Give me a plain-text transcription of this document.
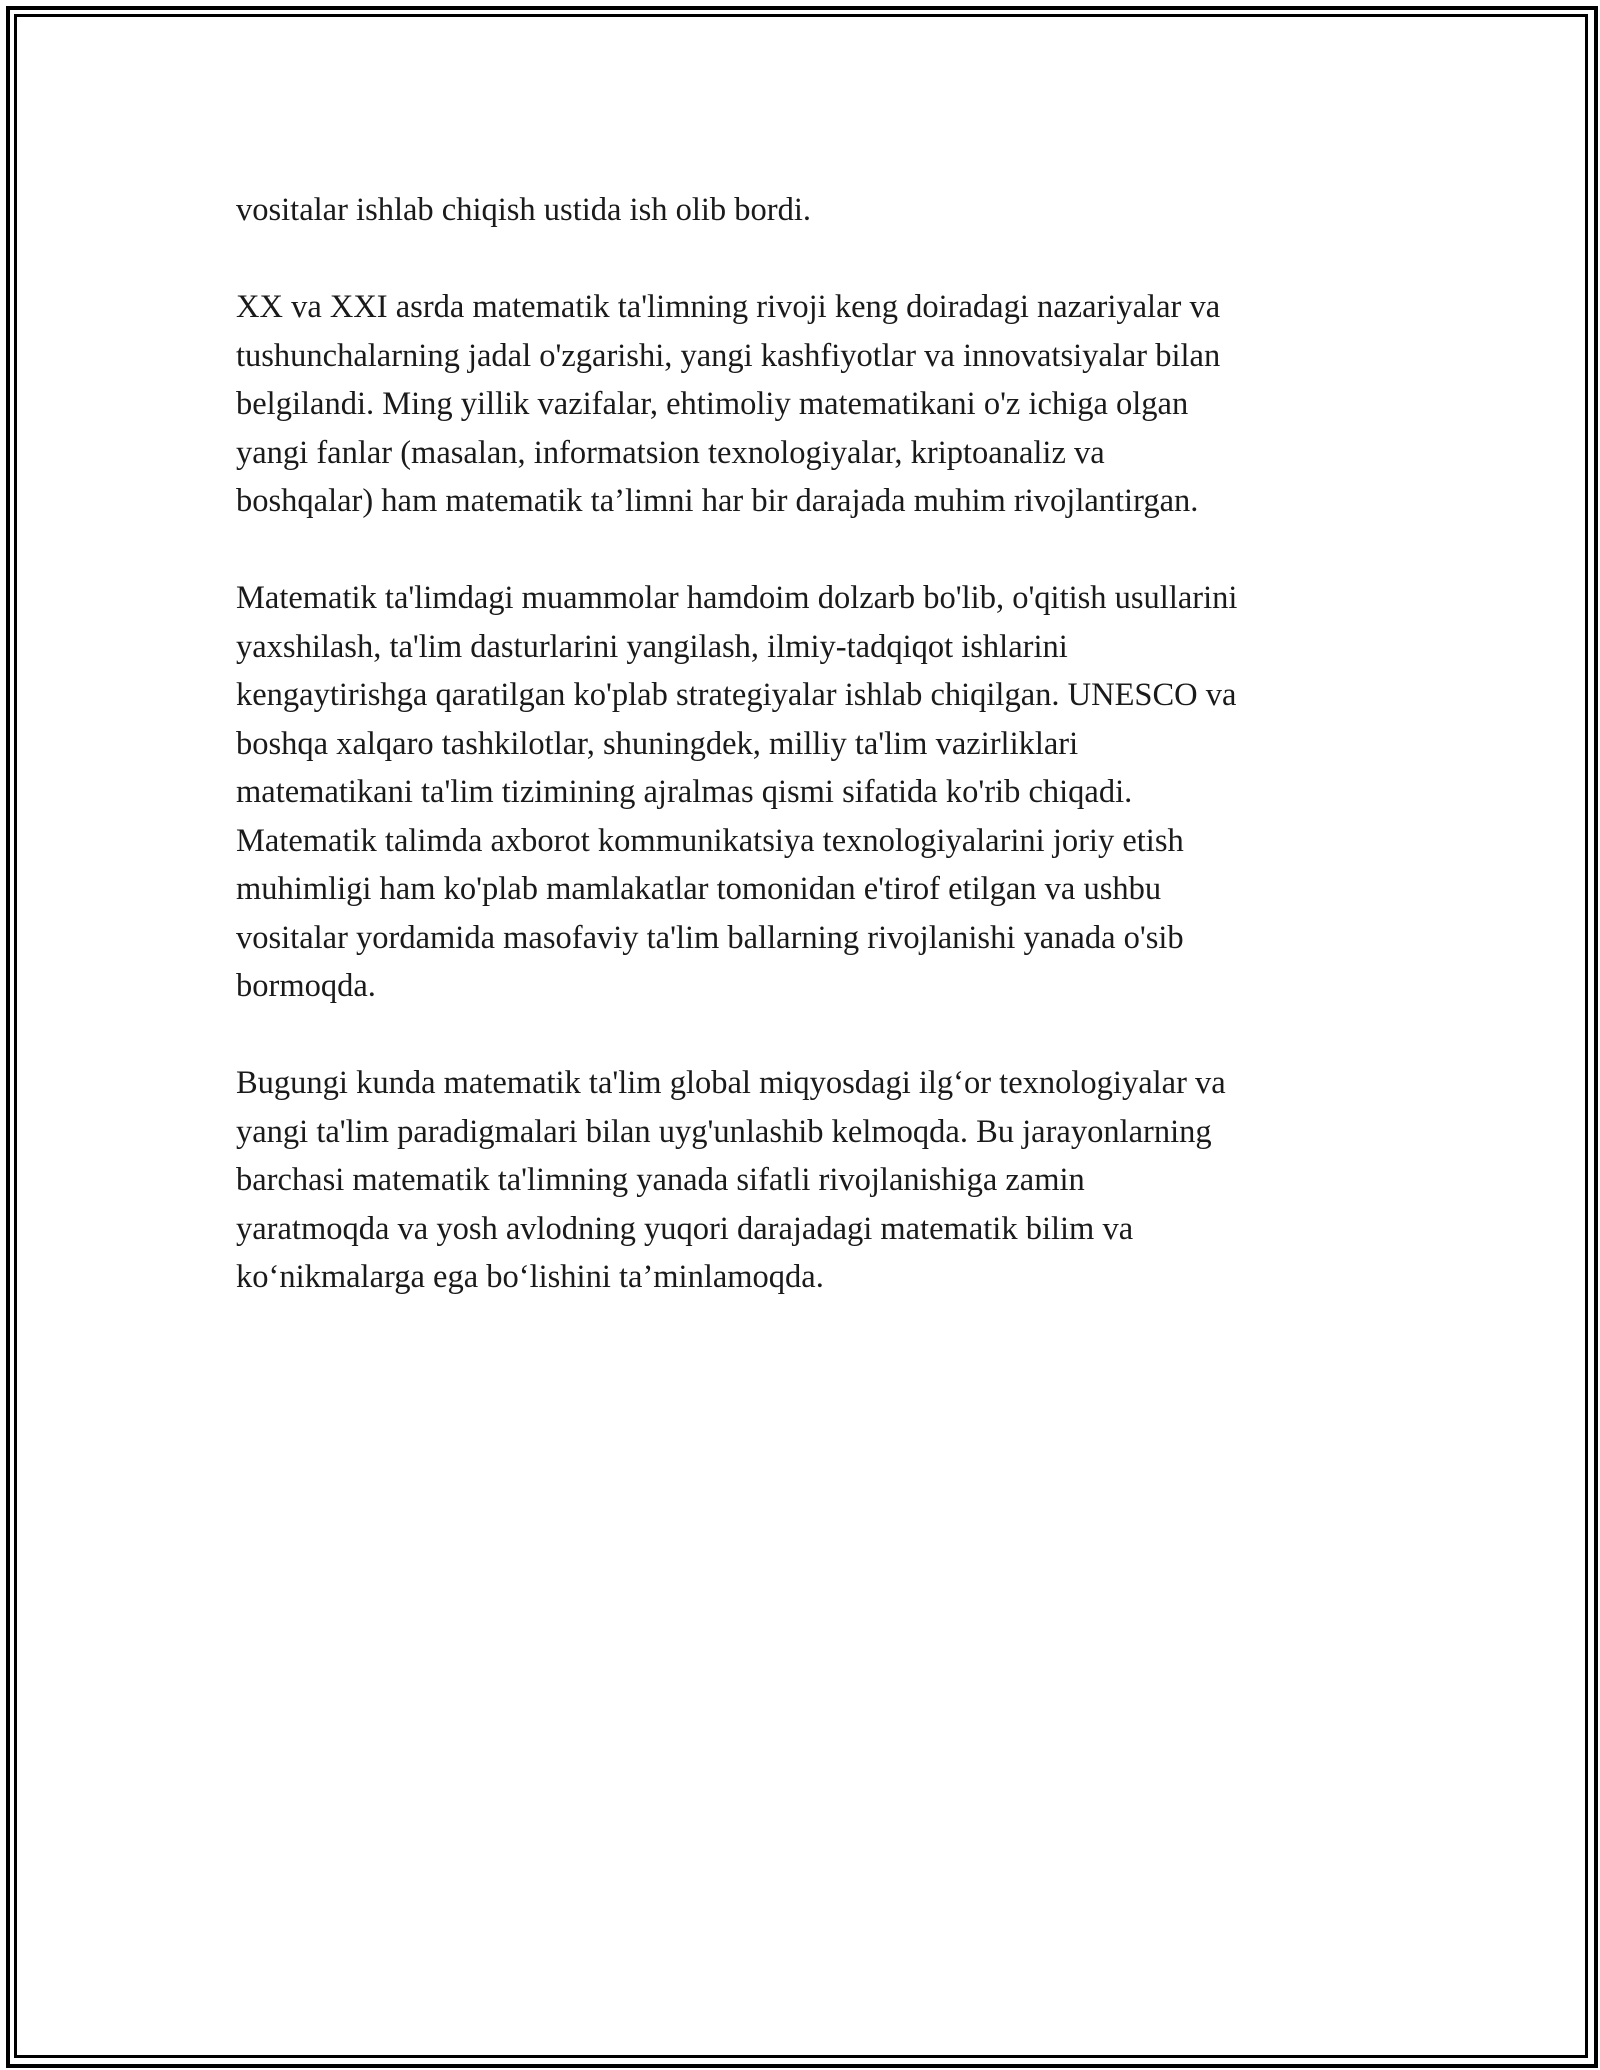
vositalar ishlab chiqish ustida ish olib bordi.

XX va XXI asrda matematik ta'limning rivoji keng doiradagi nazariyalar va
tushunchalarning jadal o'zgarishi, yangi kashfiyotlar va innovatsiyalar bilan
belgilandi. Ming yillik vazifalar, ehtimoliy matematikani o'z ichiga olgan
yangi fanlar (masalan, informatsion texnologiyalar, kriptoanaliz va
boshqalar) ham matematik ta’limni har bir darajada muhim rivojlantirgan.

Matematik ta'limdagi muammolar hamdoim dolzarb bo'lib, o'qitish usullarini
yaxshilash, ta'lim dasturlarini yangilash, ilmiy-tadqiqot ishlarini
kengaytirishga qaratilgan ko'plab strategiyalar ishlab chiqilgan. UNESCO va
boshqa xalqaro tashkilotlar, shuningdek, milliy ta'lim vazirliklari
matematikani ta'lim tizimining ajralmas qismi sifatida ko'rib chiqadi.
Matematik talimda axborot kommunikatsiya texnologiyalarini joriy etish
muhimligi ham ko'plab mamlakatlar tomonidan e'tirof etilgan va ushbu
vositalar yordamida masofaviy ta'lim ballarning rivojlanishi yanada o'sib
bormoqda.

Bugungi kunda matematik ta'lim global miqyosdagi ilg‘or texnologiyalar va
yangi ta'lim paradigmalari bilan uyg'unlashib kelmoqda. Bu jarayonlarning
barchasi matematik ta'limning yanada sifatli rivojlanishiga zamin
yaratmoqda va yosh avlodning yuqori darajadagi matematik bilim va
ko‘nikmalarga ega bo‘lishini ta’minlamoqda.
